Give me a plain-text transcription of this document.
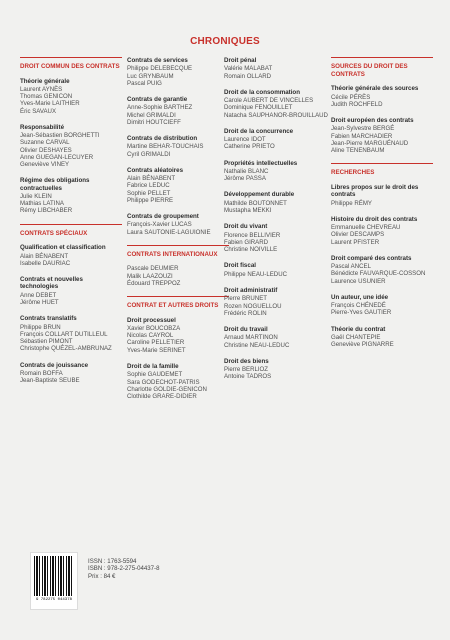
CHRONIQUES
DROIT COMMUN DES CONTRATS
Théorie générale
Laurent AYNÈS
Thomas GENICON
Yves-Marie LAITHIER
Éric SAVAUX
Responsabilité
Jean-Sébastien BORGHETTI
Suzanne CARVAL
Olivier DESHAYES
Anne GUEGAN-LECUYER
Geneviève VINEY
Régime des obligations contractuelles
Julie KLEIN
Mathias LATINA
Rémy LIBCHABER
CONTRATS SPÉCIAUX
Qualification et classification
Alain BÉNABENT
Isabelle DAURIAC
Contrats et nouvelles technologies
Anne DEBET
Jérôme HUET
Contrats translatifs
Philippe BRUN
François COLLART DUTILLEUL
Sébastien PIMONT
Christophe QUÉZEL-AMBRUNAZ
Contrats de jouissance
Romain BOFFA
Jean-Baptiste SEUBE
Contrats de services
Philippe DELEBECQUE
Luc GRYNBAUM
Pascal PUIG
Contrats de garantie
Anne-Sophie BARTHEZ
Michel GRIMALDI
Dimitri HOUTCIEFF
Contrats de distribution
Martine BEHAR-TOUCHAIS
Cyril GRIMALDI
Contrats aléatoires
Alain BÉNABENT
Fabrice LEDUC
Sophie PELLET
Philippe PIERRE
Contrats de groupement
François-Xavier LUCAS
Laura SAUTONIE-LAGUIONIE
CONTRATS INTERNATIONAUX
Pascale DEUMIER
Malik LAAZOUZI
Édouard TREPPOZ
CONTRAT ET AUTRES DROITS
Droit processuel
Xavier BOUCOBZA
Nicolas CAYROL
Caroline PELLETIER
Yves-Marie SERINET
Droit de la famille
Sophie GAUDEMET
Sara GODECHOT-PATRIS
Charlotte GOLDIE-GENICON
Clothilde GRARE-DIDIER
Droit pénal
Valérie MALABAT
Romain OLLARD
Droit de la consommation
Carole AUBERT DE VINCELLES
Dominique FENOUILLET
Natacha SAUPHANOR-BROUILLAUD
Droit de la concurrence
Laurence IDOT
Catherine PRIETO
Propriétés intellectuelles
Nathalie BLANC
Jérôme PASSA
Développement durable
Mathilde BOUTONNET
Mustapha MEKKI
Droit du vivant
Florence BELLIVIER
Fabien GIRARD
Christine NOIVILLE
Droit fiscal
Philippe NEAU-LEDUC
Droit administratif
Pierre BRUNET
Rozen NOGUELLOU
Frédéric ROLIN
Droit du travail
Arnaud MARTINON
Christine NEAU-LEDUC
Droit des biens
Pierre BERLIOZ
Antoine TADROS
SOURCES DU DROIT DES CONTRATS
Théorie générale des sources
Cécile PÉRÈS
Judith ROCHFELD
Droit européen des contrats
Jean-Sylvestre BERGÉ
Fabien MARCHADIER
Jean-Pierre MARGUÉNAUD
Aline TENENBAUM
RECHERCHES
Libres propos sur le droit des contrats
Philippe RÉMY
Histoire du droit des contrats
Emmanuelle CHEVREAU
Olivier DESCAMPS
Laurent PFISTER
Droit comparé des contrats
Pascal ANCEL
Bénédicte FAUVARQUE-COSSON
Laurence USUNIER
Un auteur, une idée
François CHÉNEDÉ
Pierre-Yves GAUTIER
Théorie du contrat
Gaël CHANTEPIE
Geneviève PIGNARRE
9 782275 044378
ISSN : 1763-5594
ISBN : 978-2-275-04437-8
Prix : 84 €
